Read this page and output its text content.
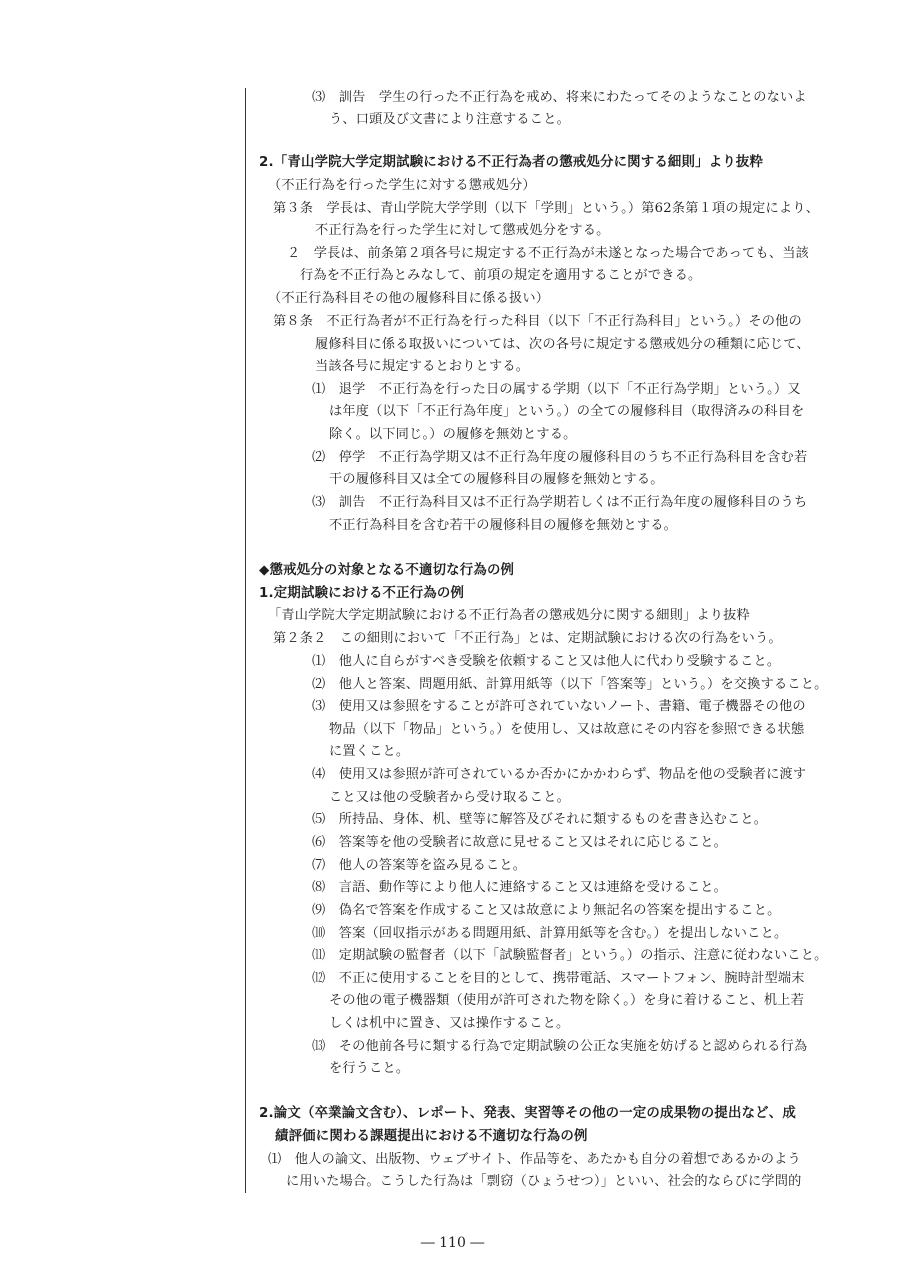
⑶　訓告　学生の行った不正行為を戒め、将来にわたってそのようなことのないよ
う、口頭及び文書により注意すること。
2.「青山学院大学定期試験における不正行為者の懲戒処分に関する細則」より抜粋
（不正行為を行った学生に対する懲戒処分）
第３条　学長は、青山学院大学学則（以下「学則」という。）第62条第１項の規定により、
不正行為を行った学生に対して懲戒処分をする。
２　学長は、前条第２項各号に規定する不正行為が未遂となった場合であっても、当該
行為を不正行為とみなして、前項の規定を適用することができる。
（不正行為科目その他の履修科目に係る扱い）
第８条　不正行為者が不正行為を行った科目（以下「不正行為科目」という。）その他の
履修科目に係る取扱いについては、次の各号に規定する懲戒処分の種類に応じて、
当該各号に規定するとおりとする。
⑴　退学　不正行為を行った日の属する学期（以下「不正行為学期」という。）又
は年度（以下「不正行為年度」という。）の全ての履修科目（取得済みの科目を
除く。以下同じ。）の履修を無効とする。
⑵　停学　不正行為学期又は不正行為年度の履修科目のうち不正行為科目を含む若
干の履修科目又は全ての履修科目の履修を無効とする。
⑶　訓告　不正行為科目又は不正行為学期若しくは不正行為年度の履修科目のうち
不正行為科目を含む若干の履修科目の履修を無効とする。
◆懲戒処分の対象となる不適切な行為の例
1.定期試験における不正行為の例
「青山学院大学定期試験における不正行為者の懲戒処分に関する細則」より抜粋
第２条２　この細則において「不正行為」とは、定期試験における次の行為をいう。
⑴　他人に自らがすべき受験を依頼すること又は他人に代わり受験すること。
⑵　他人と答案、問題用紙、計算用紙等（以下「答案等」という。）を交換すること。
⑶　使用又は参照をすることが許可されていないノート、書籍、電子機器その他の
物品（以下「物品」という。）を使用し、又は故意にその内容を参照できる状態
に置くこと。
⑷　使用又は参照が許可されているか否かにかかわらず、物品を他の受験者に渡す
こと又は他の受験者から受け取ること。
⑸　所持品、身体、机、壁等に解答及びそれに類するものを書き込むこと。
⑹　答案等を他の受験者に故意に見せること又はそれに応じること。
⑺　他人の答案等を盗み見ること。
⑻　言語、動作等により他人に連絡すること又は連絡を受けること。
⑼　偽名で答案を作成すること又は故意により無記名の答案を提出すること。
⑽　答案（回収指示がある問題用紙、計算用紙等を含む。）を提出しないこと。
⑾　定期試験の監督者（以下「試験監督者」という。）の指示、注意に従わないこと。
⑿　不正に使用することを目的として、携帯電話、スマートフォン、腕時計型端末
その他の電子機器類（使用が許可された物を除く。）を身に着けること、机上若
しくは机中に置き、又は操作すること。
⒀　その他前各号に類する行為で定期試験の公正な実施を妨げると認められる行為
を行うこと。
2.論文（卒業論文含む）、レポート、発表、実習等その他の一定の成果物の提出など、成
績評価に関わる課題提出における不適切な行為の例
⑴　他人の論文、出版物、ウェブサイト、作品等を、あたかも自分の着想であるかのよう
に用いた場合。こうした行為は「剽窃（ひょうせつ）」といい、社会的ならびに学問的
― 110 ―
